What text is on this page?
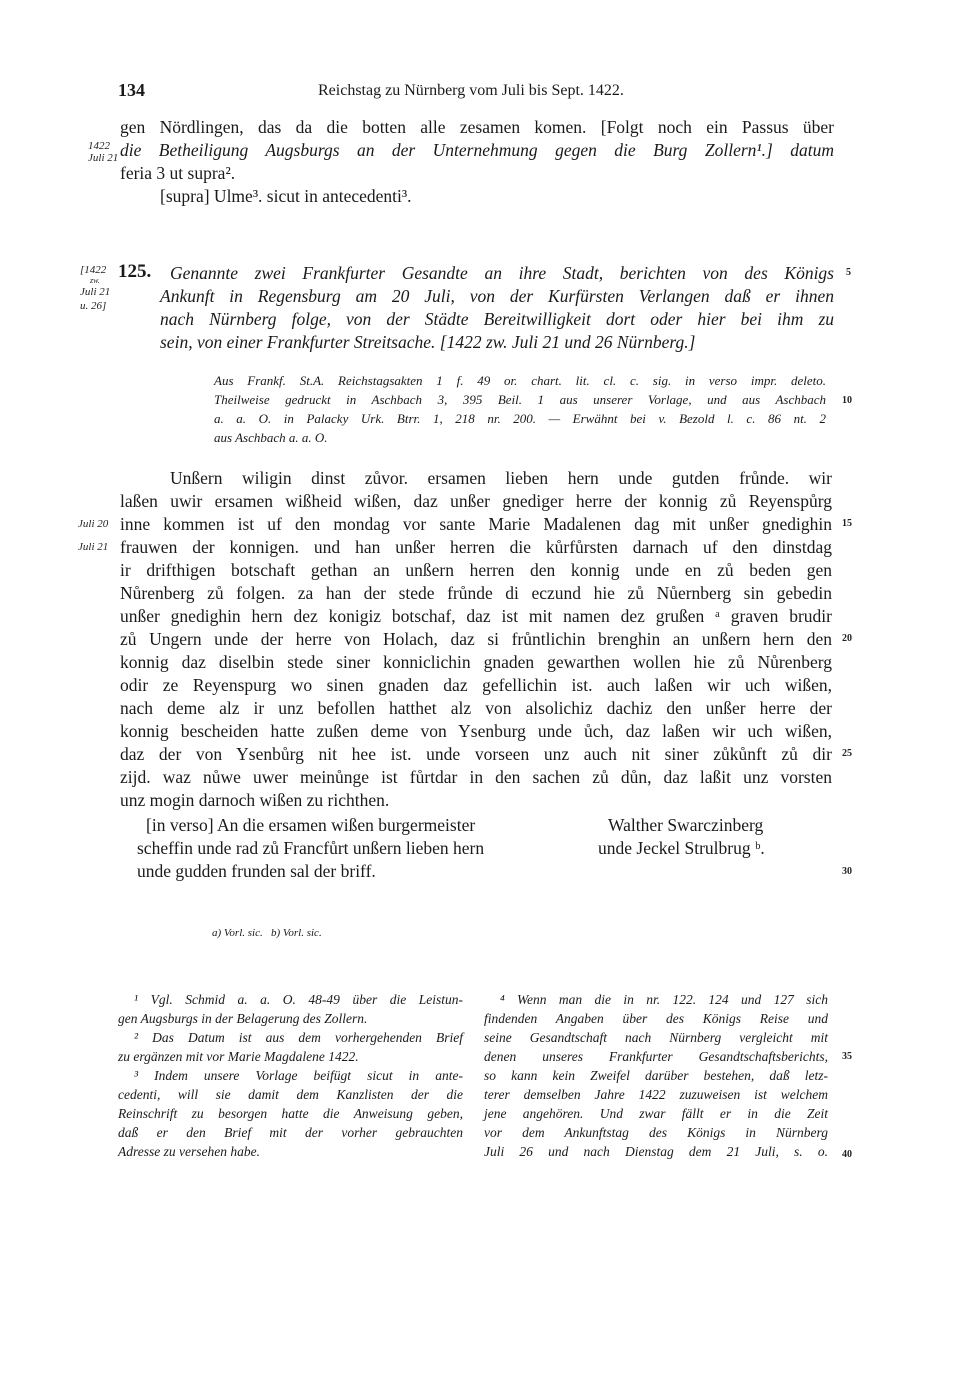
134	Reichstag zu Nürnberg vom Juli bis Sept. 1422.
1422
Juli 21
gen Nördlingen, das da die botten alle zesamen komen. [Folgt noch ein Passus über
die Betheiligung Augsburgs an der Unternehmung gegen die Burg Zollern¹.] datum
feria 3 ut supra².
[supra] Ulme³. sicut in antecedenti³.
[1422
zw.
Juli 21
u. 26]
125. Genannte zwei Frankfurter Gesandte an ihre Stadt, berichten von des Königs
Ankunft in Regensburg am 20 Juli, von der Kurfürsten Verlangen daß er ihnen
nach Nürnberg folge, von der Städte Bereitwilligkeit dort oder hier bei ihm zu
sein, von einer Frankfurter Streitsache. [1422 zw. Juli 21 und 26 Nürnberg.]
Aus Frankf. St.A. Reichstagsakten 1 f. 49 or. chart. lit. cl. c. sig. in verso impr. deleto.
Theilweise gedruckt in Aschbach 3, 395 Beil. 1 aus unserer Vorlage, und aus Aschbach
a. a. O. in Palacky Urk. Btrr. 1, 218 nr. 200. — Erwähnt bei v. Bezold l. c. 86 nt. 2
aus Aschbach a. a. O.
Unßern wiligin dinst zůvor. ersamen lieben hern unde gutden frůnde. wir
laßen uwir ersamen wißheid wißen, daz unßer gnediger herre der konnig zů Reyenspůrg
inne kommen ist uf den mondag vor sante Marie Madalenen dag mit unßer gnedighin
frauwen der konnigen. und han unßer herren die kůrfůrsten darnach uf den dinstdag
ir drifthigen botschaft gethan an unßern herren den konnig unde en zů beden gen
Nůrenberg zů folgen. za han der stede frůnde di eczund hie zů Nůernberg sin gebedin
unßer gnedighin hern dez konigiz botschaf, daz ist mit namen dez grußen ᵃ graven brudir
zů Ungern unde der herre von Holach, daz si frůntlichin brenghin an unßern hern den
konnig daz diselbin stede siner konniclichin gnaden gewarthen wollen hie zů Nůrenberg
odir ze Reyenspurg wo sinen gnaden daz gefellichin ist. auch laßen wir uch wißen,
nach deme alz ir unz befollen hatthet alz von alsolichiz dachiz den unßer herre der
konnig bescheiden hatte zußen deme von Ysenburg unde ůch, daz laßen wir uch wißen,
daz der von Ysenbůrg nit hee ist. unde vorseen unz auch nit siner zůkůnft zů dir
zijd. waz nůwe uwer meinůnge ist fůrtdar in den sachen zů důn, daz laßit unz vorsten
unz mogin darnoch wißen zu richthen.
Juli 20
Juli 21
[in verso] An die ersamen wißen burgermeister
scheffin unde rad zů Francfůrt unßern lieben hern
unde gudden frunden sal der briff.
Walther Swarczinberg
unde Jeckel Strulbrug ᵇ.
5
10
15
20
25
30
35
40
a) Vorl. sic.   b) Vorl. sic.
¹ Vgl. Schmid a. a. O. 48-49 über die Leistun-
gen Augsburgs in der Belagerung des Zollern.
² Das Datum ist aus dem vorhergehenden Brief
zu ergänzen mit vor Marie Magdalene 1422.
³ Indem unsere Vorlage beifügt sicut in ante-
cedenti, will sie damit dem Kanzlisten der die
Reinschrift zu besorgen hatte die Anweisung geben,
daß er den Brief mit der vorher gebrauchten
Adresse zu versehen habe.
⁴ Wenn man die in nr. 122. 124 und 127 sich
findenden Angaben über des Königs Reise und
seine Gesandtschaft nach Nürnberg vergleicht mit
denen unseres Frankfurter Gesandtschaftsberichts,
so kann kein Zweifel darüber bestehen, daß letz-
terer demselben Jahre 1422 zuzuweisen ist welchem
jene angehören. Und zwar fällt er in die Zeit
vor dem Ankunftstag des Königs in Nürnberg
Juli 26 und nach Dienstag dem 21 Juli, s. o.
